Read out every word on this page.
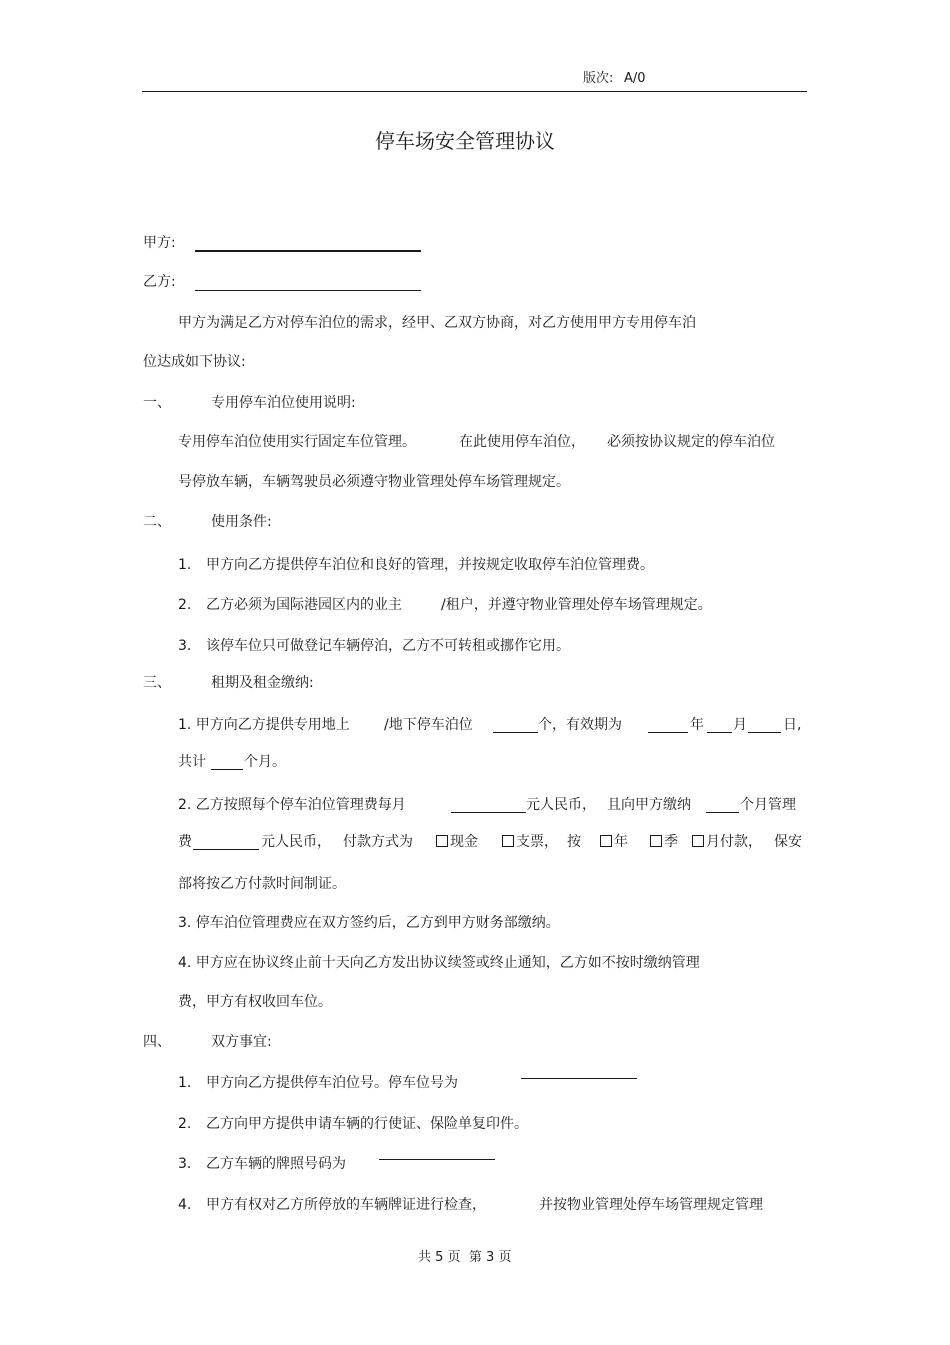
版次: A/0
停车场安全管理协议
甲方:
乙方:
甲方为满足乙方对停车泊位的需求，经甲、乙双方协商，对乙方使用甲方专用停车泊
位达成如下协议:
一、	专用停车泊位使用说明:
专用停车泊位使用实行固定车位管理。	在此使用停车泊位， 必须按协议规定的停车泊位
号停放车辆，车辆驾驶员必须遵守物业管理处停车场管理规定。
二、	使用条件:
1. 甲方向乙方提供停车泊位和良好的管理，并按规定收取停车泊位管理费。
2. 乙方必须为国际港园区内的业主	/租户，并遵守物业管理处停车场管理规定。
3. 该停车位只可做登记车辆停泊，乙方不可转租或挪作它用。
三、	租期及租金缴纳:
1. 甲方向乙方提供专用地上 /地下停车泊位	个，有效期为	年 月	日,
共计	个月。
2. 乙方按照每个停车泊位管理费每月	元人民币， 且向甲方缴纳	个月管理
费	元人民币， 付款方式为	现金	支票， 按	年	季	月付款， 保安
部将按乙方付款时间制证。
3. 停车泊位管理费应在双方签约后，乙方到甲方财务部缴纳。
4. 甲方应在协议终止前十天向乙方发出协议续签或终止通知，乙方如不按时缴纳管理
费，甲方有权收回车位。
四、	双方事宜:
1. 甲方向乙方提供停车泊位号。停车位号为
2. 乙方向甲方提供申请车辆的行使证、保险单复印件。
3. 乙方车辆的牌照号码为
4. 甲方有权对乙方所停放的车辆牌证进行检查，	并按物业管理处停车场管理规定管理
共 5 页 第 3 页
